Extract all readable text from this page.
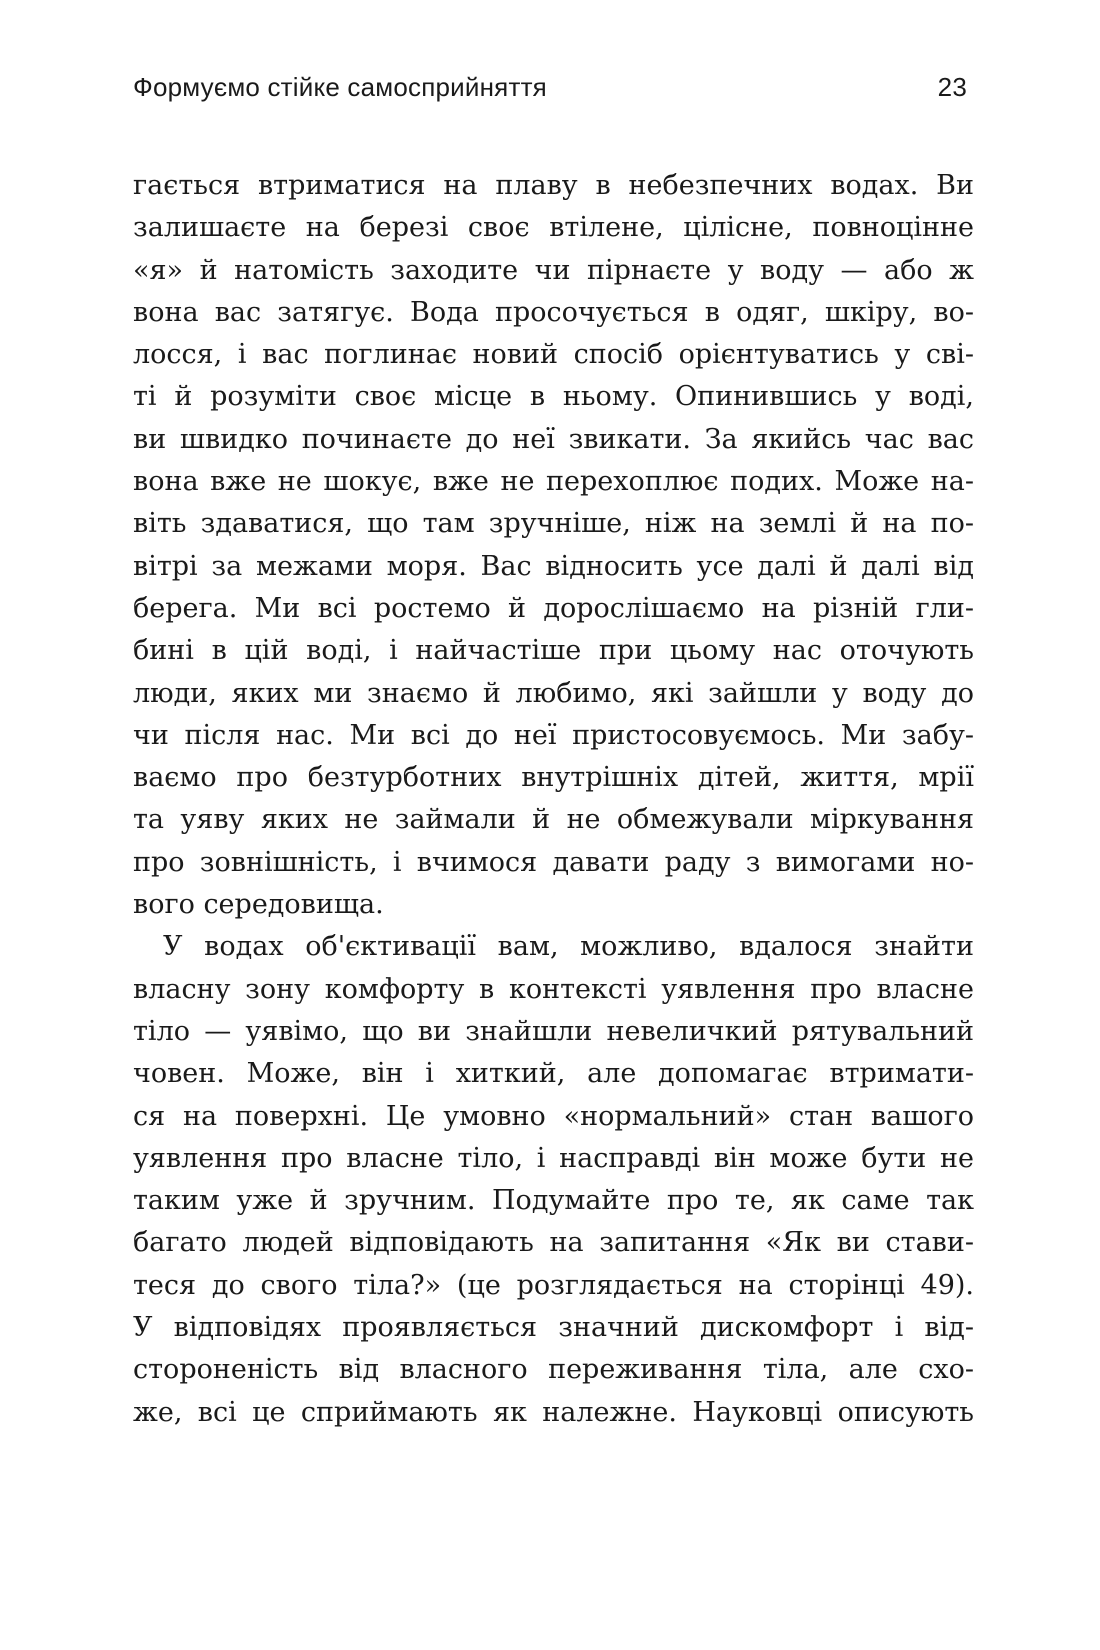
Формуємо стійке самосприйняття	23
гається втриматися на плаву в небезпечних водах. Ви
залишаєте на березі своє втілене, цілісне, повноцінне
«я» й натомість заходите чи пірнаєте у воду — або ж
вона вас затягує. Вода просочується в одяг, шкіру, во-
лосся, і вас поглинає новий спосіб орієнтуватись у сві-
ті й розуміти своє місце в ньому. Опинившись у воді,
ви швидко починаєте до неї звикати. За якийсь час вас
вона вже не шокує, вже не перехоплює подих. Може на-
віть здаватися, що там зручніше, ніж на землі й на по-
вітрі за межами моря. Вас відносить усе далі й далі від
берега. Ми всі ростемо й дорослішаємо на різній гли-
бині в цій воді, і найчастіше при цьому нас оточують
люди, яких ми знаємо й любимо, які зайшли у воду до
чи після нас. Ми всі до неї пристосовуємось. Ми забу-
ваємо про безтурботних внутрішніх дітей, життя, мрії
та уяву яких не займали й не обмежували міркування
про зовнішність, і вчимося давати раду з вимогами но-
вого середовища.
У водах об'єктивації вам, можливо, вдалося знайти
власну зону комфорту в контексті уявлення про власне
тіло — уявімо, що ви знайшли невеличкий рятувальний
човен. Може, він і хиткий, але допомагає втримати-
ся на поверхні. Це умовно «нормальний» стан вашого
уявлення про власне тіло, і насправді він може бути не
таким уже й зручним. Подумайте про те, як саме так
багато людей відповідають на запитання «Як ви стави-
теся до свого тіла?» (це розглядається на сторінці 49).
У відповідях проявляється значний дискомфорт і від-
стороненість від власного переживання тіла, але схо-
же, всі це сприймають як належне. Науковці описують
